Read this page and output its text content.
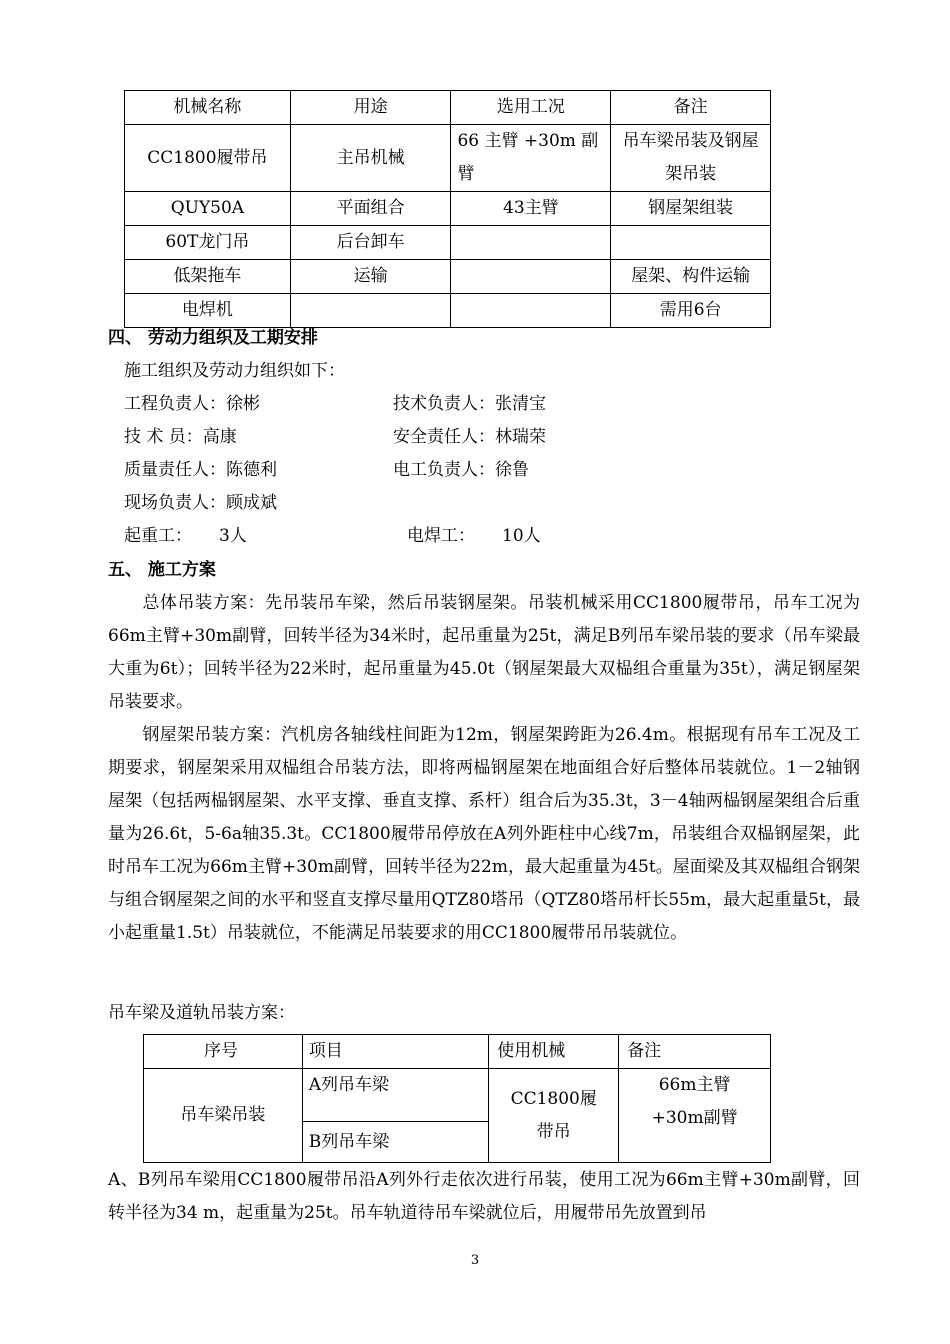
机械名称	用途	选用工况	备注
CC1800履带吊	主吊机械	66 主臂 +30m 副臂	吊车梁吊装及钢屋架吊装
QUY50A	平面组合	43主臂	钢屋架组装
60T龙门吊	后台卸车		
低架拖车	运输		屋架、构件运输
电焊机			需用6台
四、 劳动力组织及工期安排
施工组织及劳动力组织如下：
工程负责人：徐彬	技术负责人：张清宝
技 术 员：高康	安全责任人：林瑞荣
质量责任人：陈德利	电工负责人：徐鲁
现场负责人：顾成斌
起重工：     3人	电焊工：     10人
五、 施工方案
总体吊装方案：先吊装吊车梁，然后吊装钢屋架。吊装机械采用CC1800履带吊，吊车工况为66m主臂+30m副臂，回转半径为34米时，起吊重量为25t，满足B列吊车梁吊装的要求（吊车梁最大重为6t）；回转半径为22米时，起吊重量为45.0t（钢屋架最大双榀组合重量为35t），满足钢屋架吊装要求。
钢屋架吊装方案：汽机房各轴线柱间距为12m，钢屋架跨距为26.4m。根据现有吊车工况及工期要求，钢屋架采用双榀组合吊装方法，即将两榀钢屋架在地面组合好后整体吊装就位。1－2轴钢屋架（包括两榀钢屋架、水平支撑、垂直支撑、系杆）组合后为35.3t，3－4轴两榀钢屋架组合后重量为26.6t，5-6a轴35.3t。CC1800履带吊停放在A列外距柱中心线7m，吊装组合双榀钢屋架，此时吊车工况为66m主臂+30m副臂，回转半径为22m，最大起重量为45t。屋面梁及其双榀组合钢架与组合钢屋架之间的水平和竖直支撑尽量用QTZ80塔吊（QTZ80塔吊杆长55m，最大起重量5t，最小起重量1.5t）吊装就位，不能满足吊装要求的用CC1800履带吊吊装就位。
吊车梁及道轨吊装方案：
序号	项目	使用机械	备注
吊车梁吊装	A列吊车梁	CC1800履带吊	66m主臂+30m副臂
	B列吊车梁		
A、B列吊车梁用CC1800履带吊沿A列外行走依次进行吊装，使用工况为66m主臂+30m副臂，回转半径为34 m，起重量为25t。吊车轨道待吊车梁就位后，用履带吊先放置到吊
3
